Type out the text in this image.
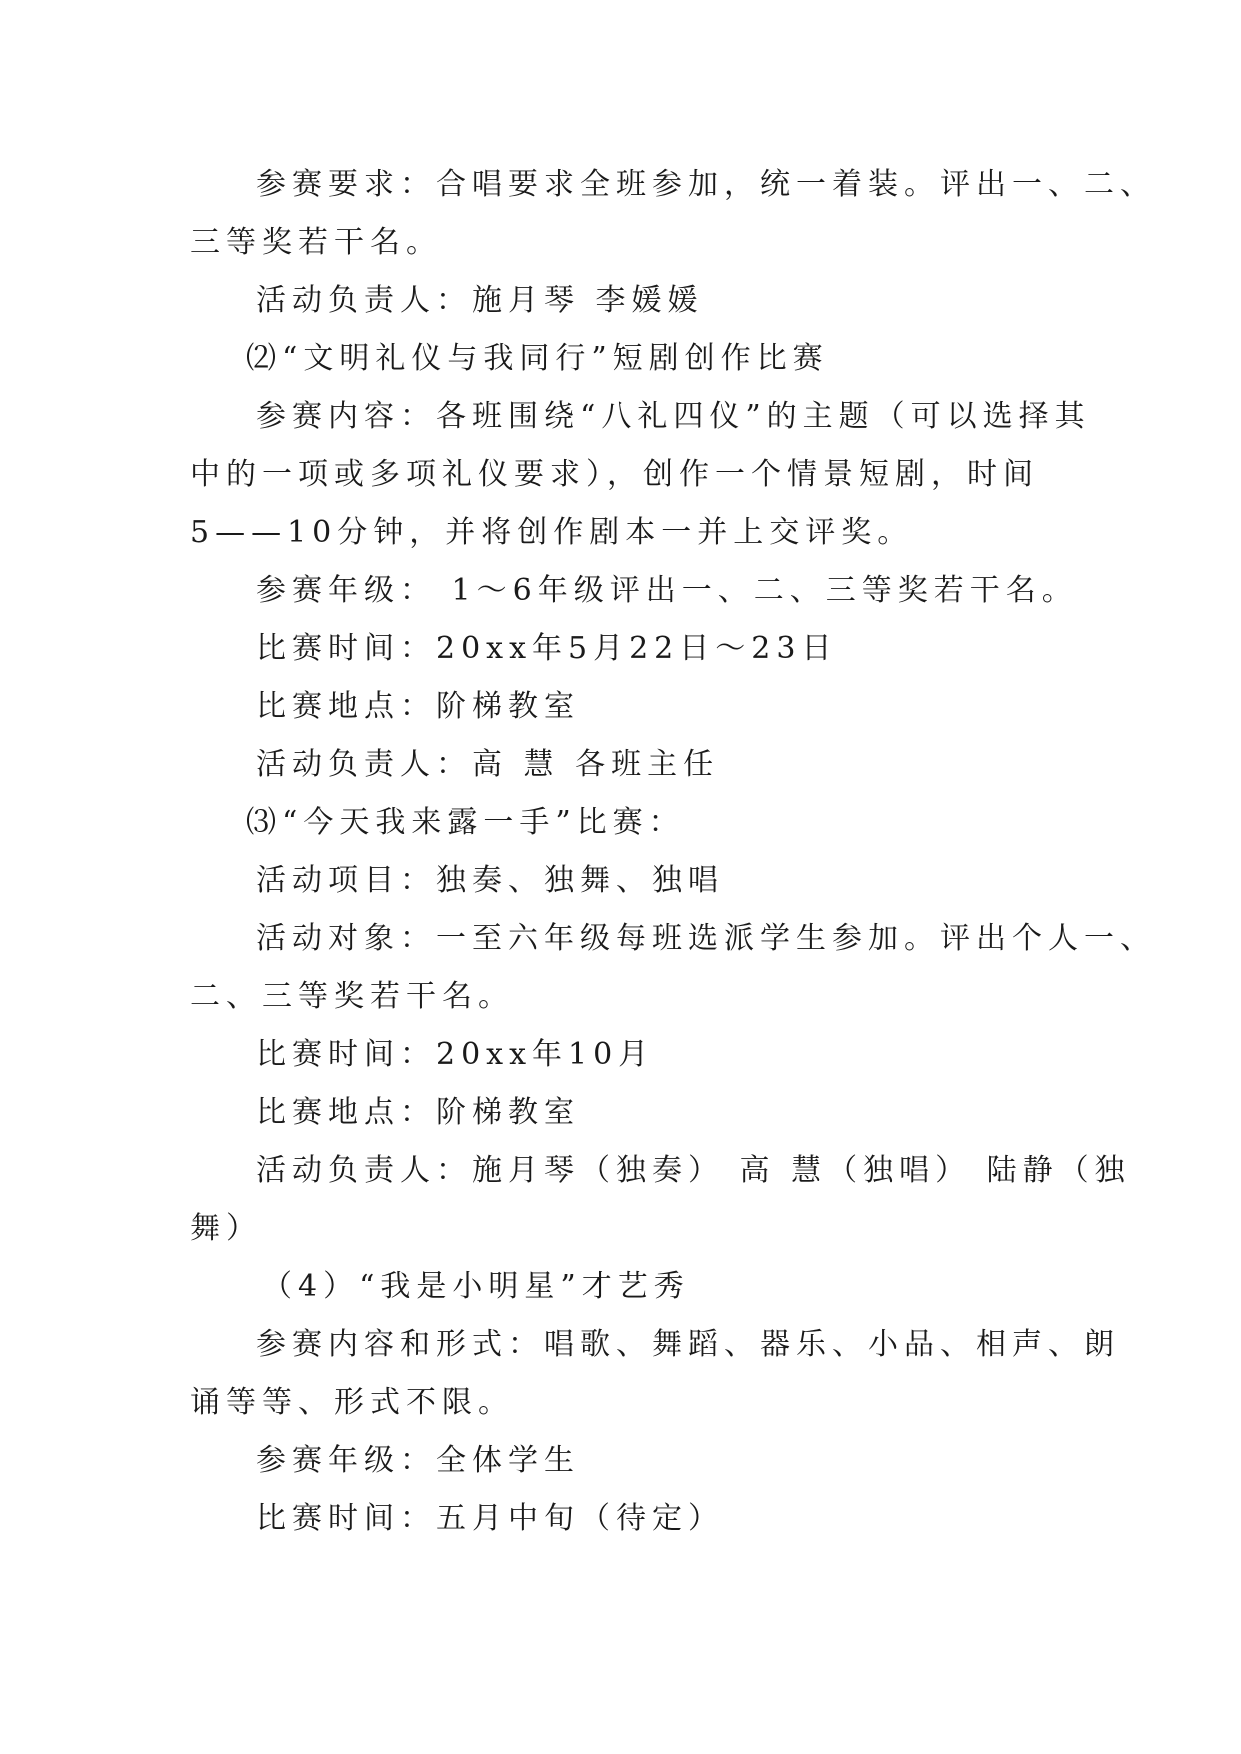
参赛要求：合唱要求全班参加，统一着装。评出一、二、
三等奖若干名。
活动负责人：施月琴 李媛媛
⑵“文明礼仪与我同行”短剧创作比赛
参赛内容：各班围绕“八礼四仪”的主题（可以选择其
中的一项或多项礼仪要求），创作一个情景短剧，时间
5——10分钟，并将创作剧本一并上交评奖。
参赛年级： 1～6年级评出一、二、三等奖若干名。
比赛时间：20xx年5月22日～23日
比赛地点：阶梯教室
活动负责人：高 慧 各班主任
⑶“今天我来露一手”比赛：
活动项目：独奏、独舞、独唱
活动对象：一至六年级每班选派学生参加。评出个人一、
二、三等奖若干名。
比赛时间：20xx年10月
比赛地点：阶梯教室
活动负责人：施月琴（独奏） 高 慧（独唱） 陆静（独
舞）
（4）“我是小明星”才艺秀
参赛内容和形式：唱歌、舞蹈、器乐、小品、相声、朗
诵等等、形式不限。
参赛年级：全体学生
比赛时间：五月中旬（待定）
